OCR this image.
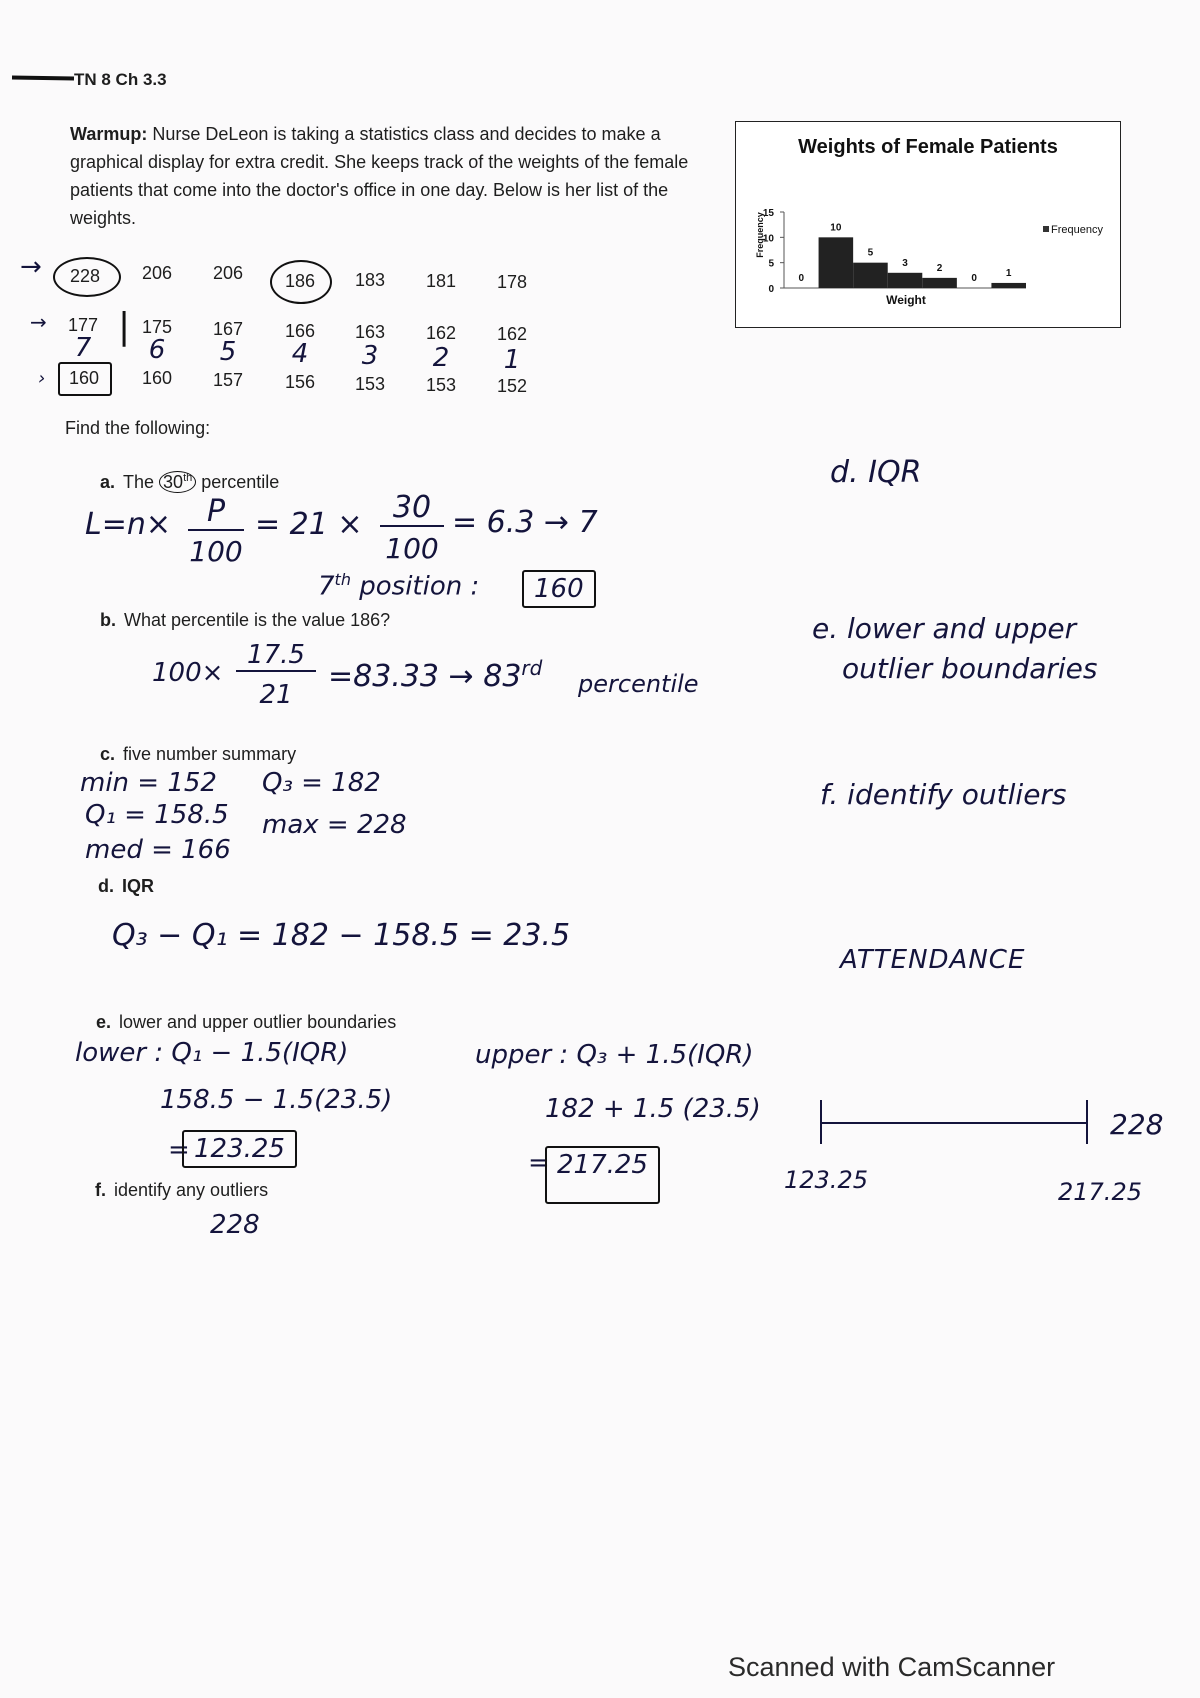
TN 8 Ch 3.3
Warmup: Nurse DeLeon is taking a statistics class and decides to make a graphical display for extra credit. She keeps track of the weights of the female patients that come into the doctor's office in one day. Below is her list of the weights.
Weights of Female Patients
Frequency
Weight
Frequency
0
5
10
15
0
10
5
3	2
0	1
228	206	206	186	183	181	178
→
→
›
177 | 175	167	166	163	162	162
7	6	5	4	3	2	1
160	160	157	156	153	153	152
Find the following:
a. The 30th percentile
L=n×	P
100
= 21 ×	30
100
= 6.3 → 7
7th position :	160
b. What percentile is the value 186?
100×
17.5
21
=83.33 → 83rd
percentile
c. five number summary
min = 152
Q₁ = 158.5
med = 166
Q₃ = 182
max = 228
d. IQR
Q₃ − Q₁ = 182 − 158.5 = 23.5
e. lower and upper outlier boundaries
lower : Q₁ − 1.5(IQR)
158.5 − 1.5(23.5)
= 123.25
upper : Q₃ + 1.5(IQR)
182 + 1.5 (23.5)
= 217.25
f. identify any outliers
228
d. IQR
e. lower and upper
outlier boundaries
f. identify outliers
ATTENDANCE
123.25	217.25
228
Scanned with CamScanner
